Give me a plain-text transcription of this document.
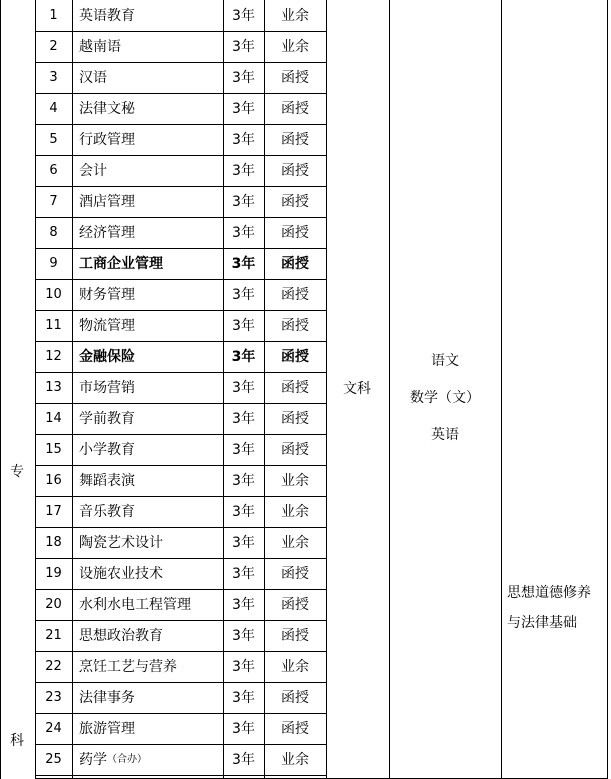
专
科
文科
语文
数学（文）
英语
思想道德修养
与法律基础
1	英语教育	3年	业余
2	越南语	3年	业余
3	汉语	3年	函授
4	法律文秘	3年	函授
5	行政管理	3年	函授
6	会计	3年	函授
7	酒店管理	3年	函授
8	经济管理	3年	函授
9	工商企业管理	3年	函授
10	财务管理	3年	函授
11	物流管理	3年	函授
12	金融保险	3年	函授
13	市场营销	3年	函授
14	学前教育	3年	函授
15	小学教育	3年	函授
16	舞蹈表演	3年	业余
17	音乐教育	3年	业余
18	陶瓷艺术设计	3年	业余
19	设施农业技术	3年	函授
20	水利水电工程管理	3年	函授
21	思想政治教育	3年	函授
22	烹饪工艺与营养	3年	业余
23	法律事务	3年	函授
24	旅游管理	3年	函授
25	药学 （合办）	3年	业余
